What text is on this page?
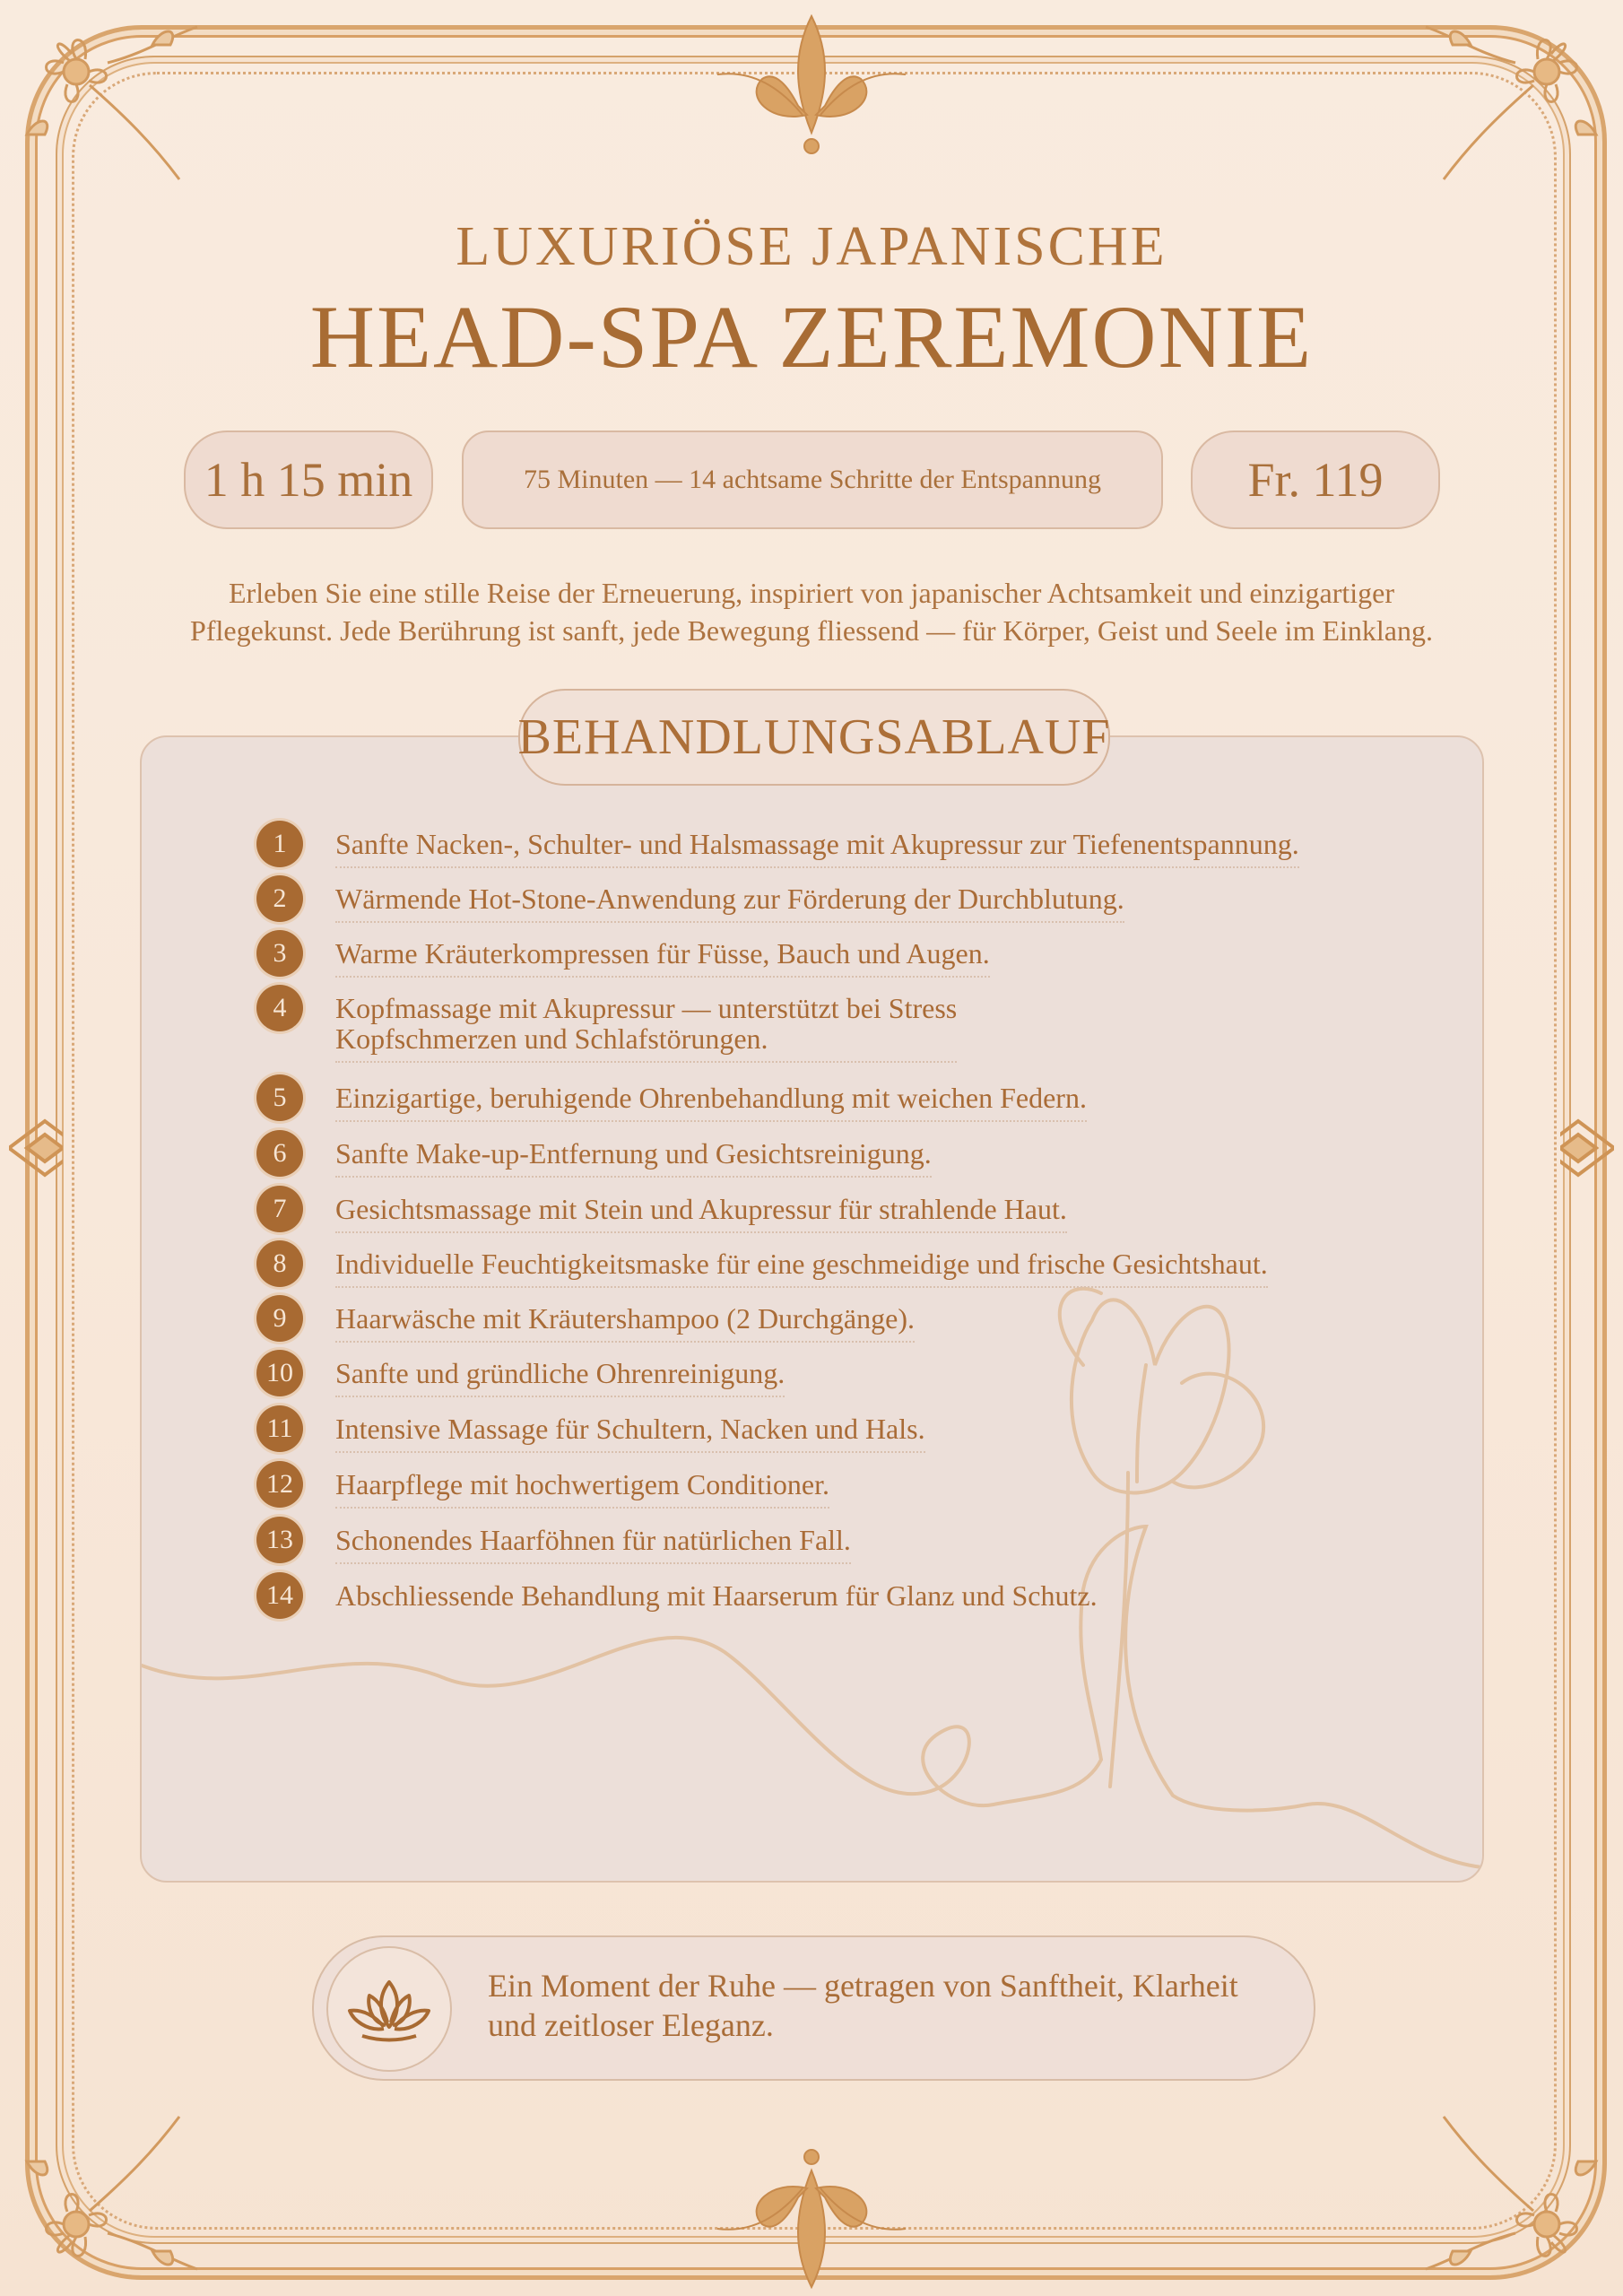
LUXURIÖSE JAPANISCHE
HEAD-SPA ZEREMONIE
1 h 15 min	75 Minuten — 14 achtsame Schritte der Entspannung	Fr. 119
Erleben Sie eine stille Reise der Erneuerung, inspiriert von japanischer Achtsamkeit und einzigartiger
Pflegekunst. Jede Berührung ist sanft, jede Bewegung fliessend — für Körper, Geist und Seele im Einklang.
BEHANDLUNGSABLAUF
1	Sanfte Nacken-, Schulter- und Halsmassage mit Akupressur zur Tiefenentspannung.
2	Wärmende Hot-Stone-Anwendung zur Förderung der Durchblutung.
3	Warme Kräuterkompressen für Füsse, Bauch und Augen.
4	Kopfmassage mit Akupressur — unterstützt bei Stress
Kopfschmerzen und Schlafstörungen.
5	Einzigartige, beruhigende Ohrenbehandlung mit weichen Federn.
6	Sanfte Make-up-Entfernung und Gesichtsreinigung.
7	Gesichtsmassage mit Stein und Akupressur für strahlende Haut.
8	Individuelle Feuchtigkeitsmaske für eine geschmeidige und frische Gesichtshaut.
9	Haarwäsche mit Kräutershampoo (2 Durchgänge).
10	Sanfte und gründliche Ohrenreinigung.
11	Intensive Massage für Schultern, Nacken und Hals.
12	Haarpflege mit hochwertigem Conditioner.
13	Schonendes Haarföhnen für natürlichen Fall.
14	Abschliessende Behandlung mit Haarserum für Glanz und Schutz.
Ein Moment der Ruhe — getragen von Sanftheit, Klarheit
und zeitloser Eleganz.
